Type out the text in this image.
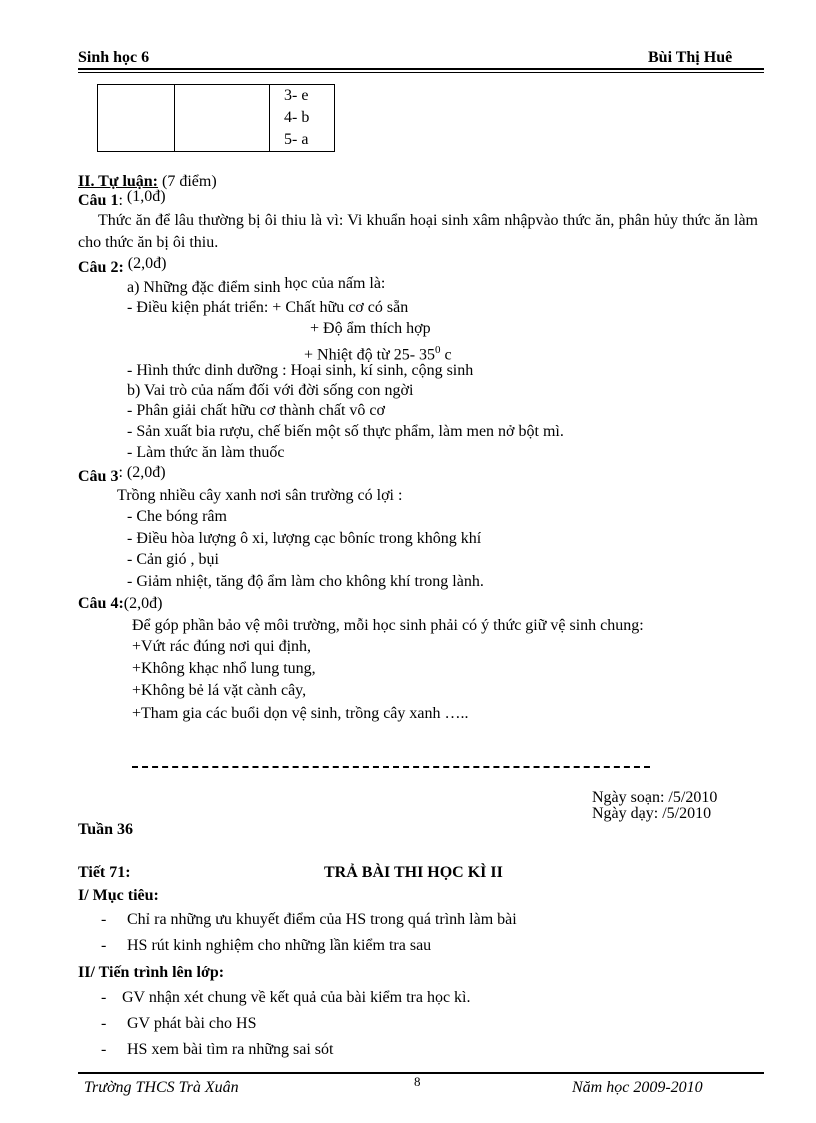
Sinh học 6	Bùi Thị Huê

3- e
4- b
5- a
II. Tự luận: (7 điểm)
Câu 1: (1,0đ)
Thức ăn để lâu thường bị ôi thiu là vì: Vi khuẩn hoại sinh xâm nhậpvào thức ăn, phân hủy thức ăn làm cho thức ăn bị ôi thiu.
Câu 2: (2,0đ)
a) Những đặc điểm sinh học của nấm là:
- Điều kiện phát triển: + Chất hữu cơ có sẵn
+ Độ ẩm thích hợp
+ Nhiệt độ từ 25- $35^0$ c
- Hình thức dinh dưỡng : Hoại sinh, kí sinh, cộng sinh
b) Vai trò của nấm đối với đời sống con ngời
- Phân giải chất hữu cơ thành chất vô cơ
- Sản xuất bia rượu, chế biến một số thực phẩm, làm men nở bột mì.
- Làm thức ăn làm thuốc
Câu 3: (2,0đ)
Trồng nhiều cây xanh nơi sân trường có lợi :
- Che bóng râm
- Điều hòa lượng ô xi, lượng cạc bôníc trong không khí
- Cản gió , bụi
- Giảm nhiệt, tăng độ ẩm làm cho không khí trong lành.
Câu 4:(2,0đ)
Để góp phần bảo vệ môi trường, mỗi học sinh phải có ý thức giữ vệ sinh chung:
+Vứt rác đúng nơi qui định,
+Không khạc nhổ lung tung,
+Không bẻ lá vặt cành cây,
+Tham gia các buổi dọn vệ sinh, trồng cây xanh …..
Ngày soạn: /5/2010
Ngày dạy: /5/2010
Tuần 36
Tiết 71:	TRẢ BÀI THI HỌC KÌ II
I/ Mục tiêu:
- Chỉ ra những ưu khuyết điểm của HS trong quá trình làm bài
- HS rút kinh nghiệm cho những lần kiểm tra sau
II/ Tiến trình lên lớp:
- GV nhận xét chung về kết quả của bài kiểm tra học kì.
- GV phát bài cho HS
- HS xem bài tìm ra những sai sót
Trường THCS Trà Xuân	8	Năm học 2009-2010
